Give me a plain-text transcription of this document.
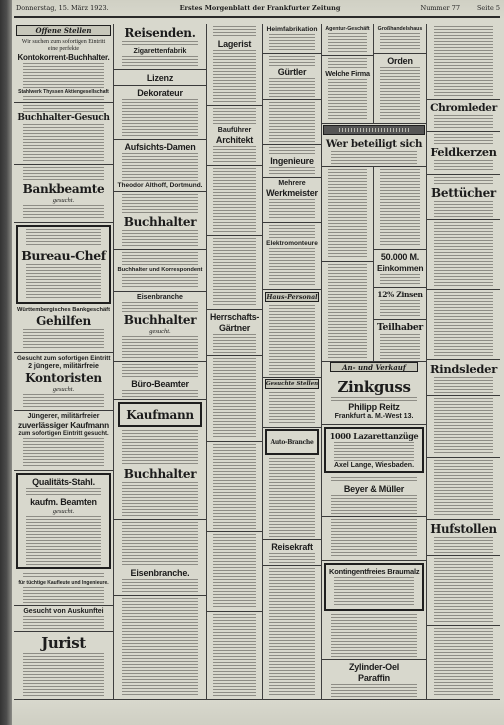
Donnerstag, 15. März 1923.	Erstes Morgenblatt der Frankfurter Zeitung	Nummer 77	Seite 5
Offene Stellen
Wir suchen zum sofortigen Eintritt
eine perfekte
Kontokorrent-Buchhalter.
Stahlwerk Thyssen Aktiengesellschaft
Buchhalter-Gesuch
Bankbeamte
gesucht.
Bureau-Chef
Württembergisches Bankgeschäft
Gehilfen
Gesucht zum sofortigen Eintritt
2 jüngere, militärfreie
Kontoristen
gesucht.
Jüngerer, militärfreier
zuverlässiger Kaufmann
zum sofortigen Eintritt gesucht.
Qualitäts-Stahl.
kaufm. Beamten
gesucht.
für tüchtige Kaufleute und Ingenieure.
Gesucht von Auskunftei
Jurist
Reisenden.
Zigarettenfabrik
Lizenz
Dekorateur
Aufsichts-Damen
Theodor Althoff, Dortmund.
Buchhalter
Buchhalter und Korrespondent
Eisenbranche
Buchhalter
gesucht.
Büro-Beamter
Kaufmann
Buchhalter
Eisenbranche.
Lagerist
Bauführer
Architekt
Herrschafts-
Gärtner
Heimfabrikation
Gürtler
Ingenieure
Mehrere
Werkmeister
Elektromonteure
Haus-Personal
Gesuchte Stellen
Auto-Branche
Reisekraft
Agentur-Geschäft
Welche Firma
Großhandelshaus
Orden
Wer beteiligt sich
50.000 M.
Einkommen
12% Zinsen
Teilhaber
An- und Verkauf
Zinkguss
Philipp Reitz
Frankfurt a. M.-West 13.
1000 Lazarettanzüge
Axel Lange, Wiesbaden.
Beyer & Müller
Kontingentfreies Braumalz
Zylinder-Oel
Paraffin
Chromleder
Feldkerzen
Bettücher
Rindsleder
Hufstollen
